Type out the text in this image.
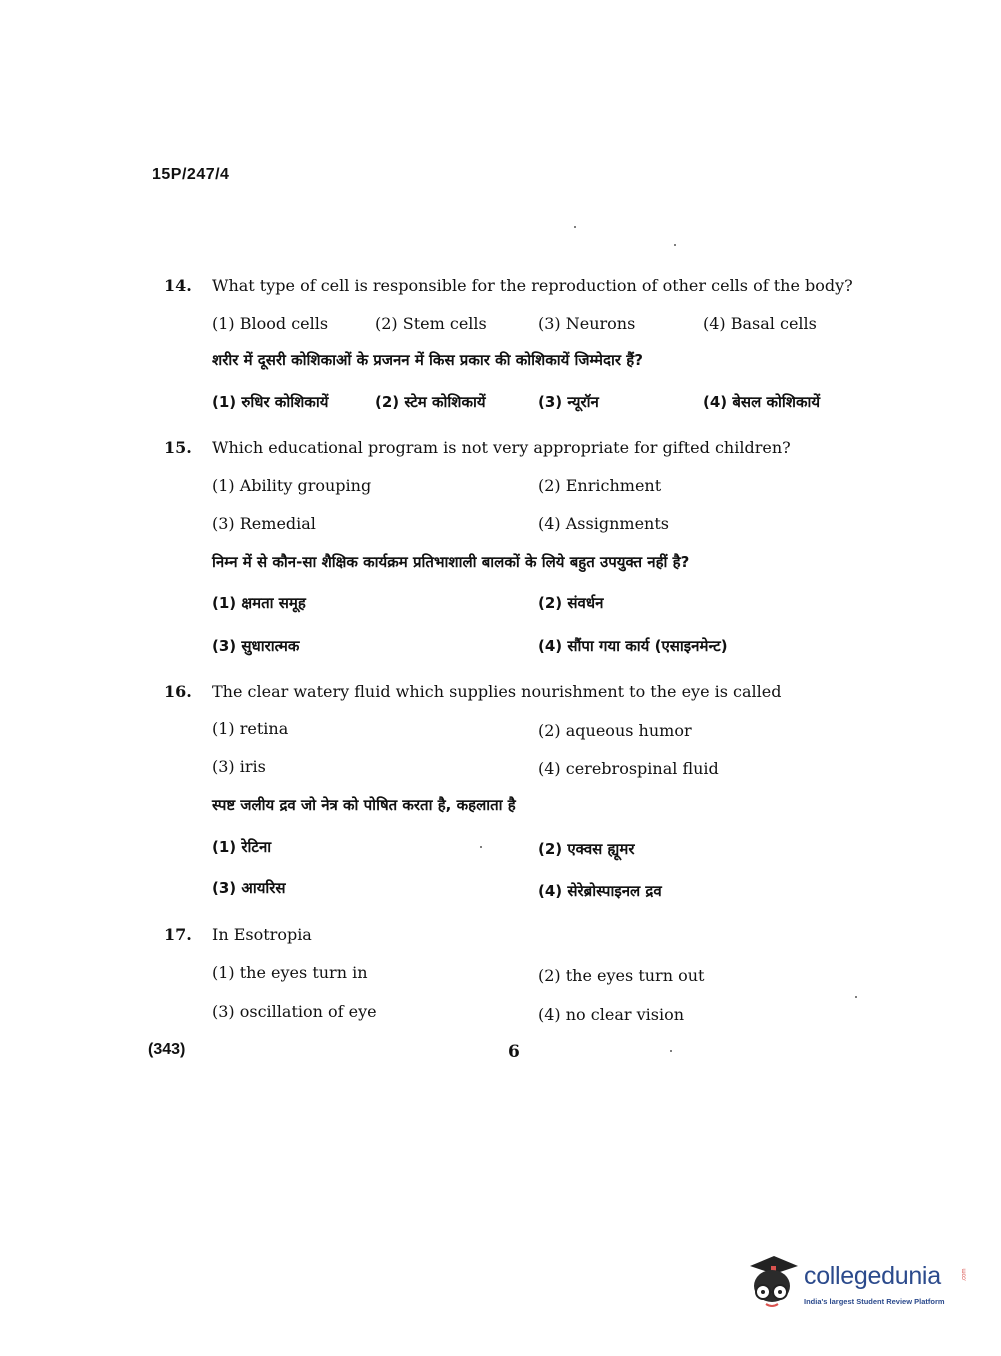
15P/247/4
14. What type of cell is responsible for the reproduction of other cells of the body?
(1) Blood cells	(2) Stem cells	(3) Neurons	(4) Basal cells
शरीर में दूसरी कोशिकाओं के प्रजनन में किस प्रकार की कोशिकायें जिम्मेदार हैं?
(1) रुधिर कोशिकायें	(2) स्टेम कोशिकायें	(3) न्यूरॉन	(4) बेसल कोशिकायें
15. Which educational program is not very appropriate for gifted children?
(1) Ability grouping	(2) Enrichment
(3) Remedial	(4) Assignments
निम्न में से कौन-सा शैक्षिक कार्यक्रम प्रतिभाशाली बालकों के लिये बहुत उपयुक्त नहीं है?
(1) क्षमता समूह	(2) संवर्धन
(3) सुधारात्मक	(4) सौंपा गया कार्य (एसाइनमेन्ट)
16. The clear watery fluid which supplies nourishment to the eye is called
(1) retina	(2) aqueous humor
(3) iris	(4) cerebrospinal fluid
स्पष्ट जलीय द्रव जो नेत्र को पोषित करता है, कहलाता है
(1) रेटिना	(2) एक्वस ह्यूमर
(3) आयरिस	(4) सेरेब्रोस्पाइनल द्रव
17. In Esotropia
(1) the eyes turn in	(2) the eyes turn out
(3) oscillation of eye	(4) no clear vision
(343)	6
collegedunia	.com
India's largest Student Review Platform
